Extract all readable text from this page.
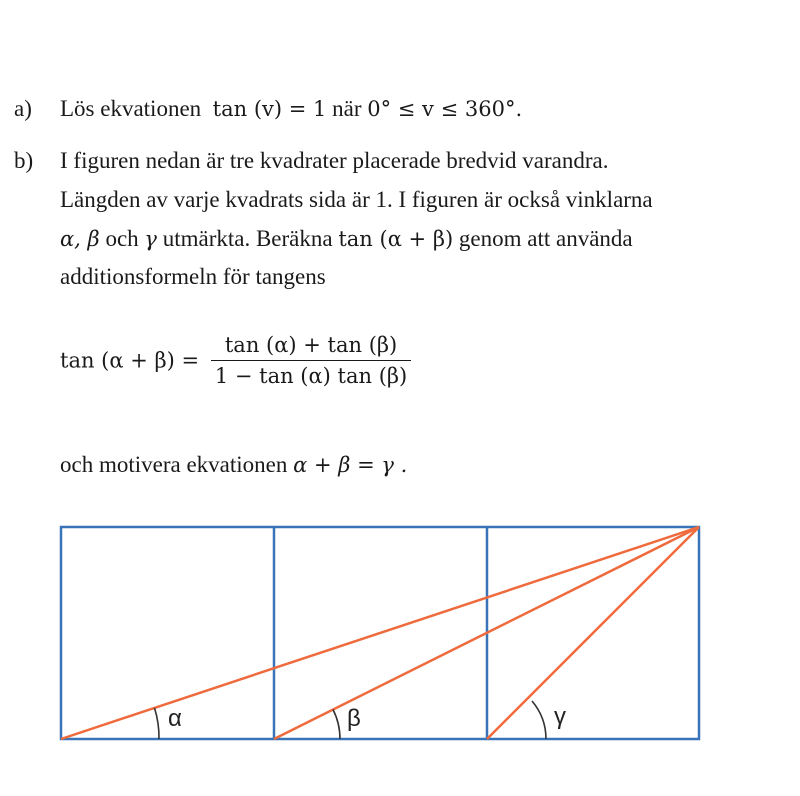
a) Lös ekvationen tan (v) = 1 när 0° ≤ v ≤ 360°.
b) I figuren nedan är tre kvadrater placerade bredvid varandra.
Längden av varje kvadrats sida är 1. I figuren är också vinklarna
α, β och γ utmärkta. Beräkna tan (α + β) genom att använda
additionsformeln för tangens
$\tan (\alpha + \beta) = \frac{\tan (\alpha) + \tan (\beta)}{1 - \tan (\alpha) \tan (\beta)}$
och motivera ekvationen α + β = γ .
α	β	γ
